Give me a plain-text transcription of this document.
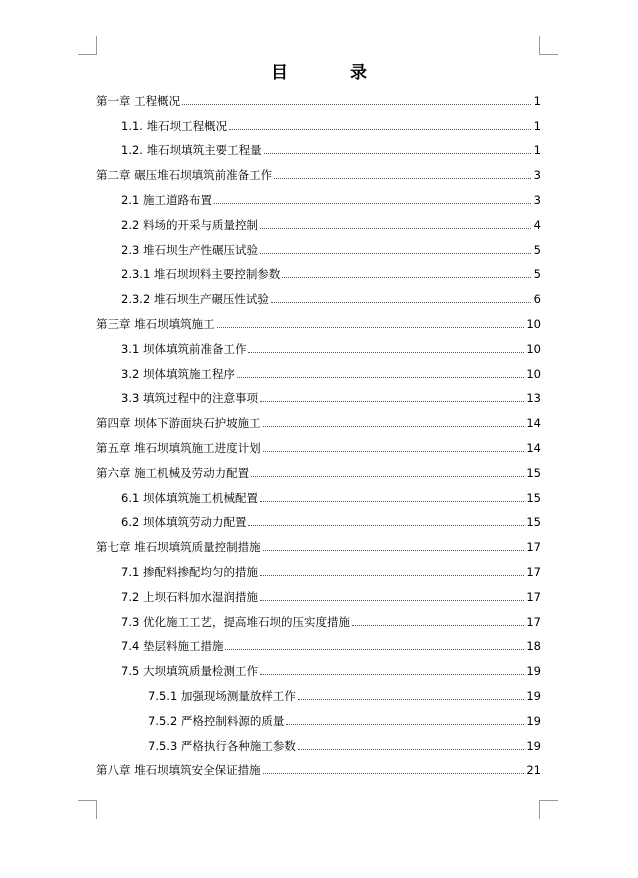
目 录
第一章 工程概况	1
1.1. 堆石坝工程概况	1
1.2. 堆石坝填筑主要工程量	1
第二章 碾压堆石坝填筑前准备工作	3
2.1 施工道路布置	3
2.2 料场的开采与质量控制	4
2.3 堆石坝生产性碾压试验	5
2.3.1 堆石坝坝料主要控制参数	5
2.3.2 堆石坝生产碾压性试验	6
第三章 堆石坝填筑施工	10
3.1 坝体填筑前准备工作	10
3.2 坝体填筑施工程序	10
3.3 填筑过程中的注意事项	13
第四章 坝体下游面块石护坡施工	14
第五章 堆石坝填筑施工进度计划	14
第六章 施工机械及劳动力配置	15
6.1 坝体填筑施工机械配置	15
6.2 坝体填筑劳动力配置	15
第七章 堆石坝填筑质量控制措施	17
7.1 掺配料掺配均匀的措施	17
7.2 上坝石料加水湿润措施	17
7.3 优化施工工艺，提高堆石坝的压实度措施	17
7.4 垫层料施工措施	18
7.5 大坝填筑质量检测工作	19
7.5.1 加强现场测量放样工作	19
7.5.2 严格控制料源的质量	19
7.5.3 严格执行各种施工参数	19
第八章 堆石坝填筑安全保证措施	21
